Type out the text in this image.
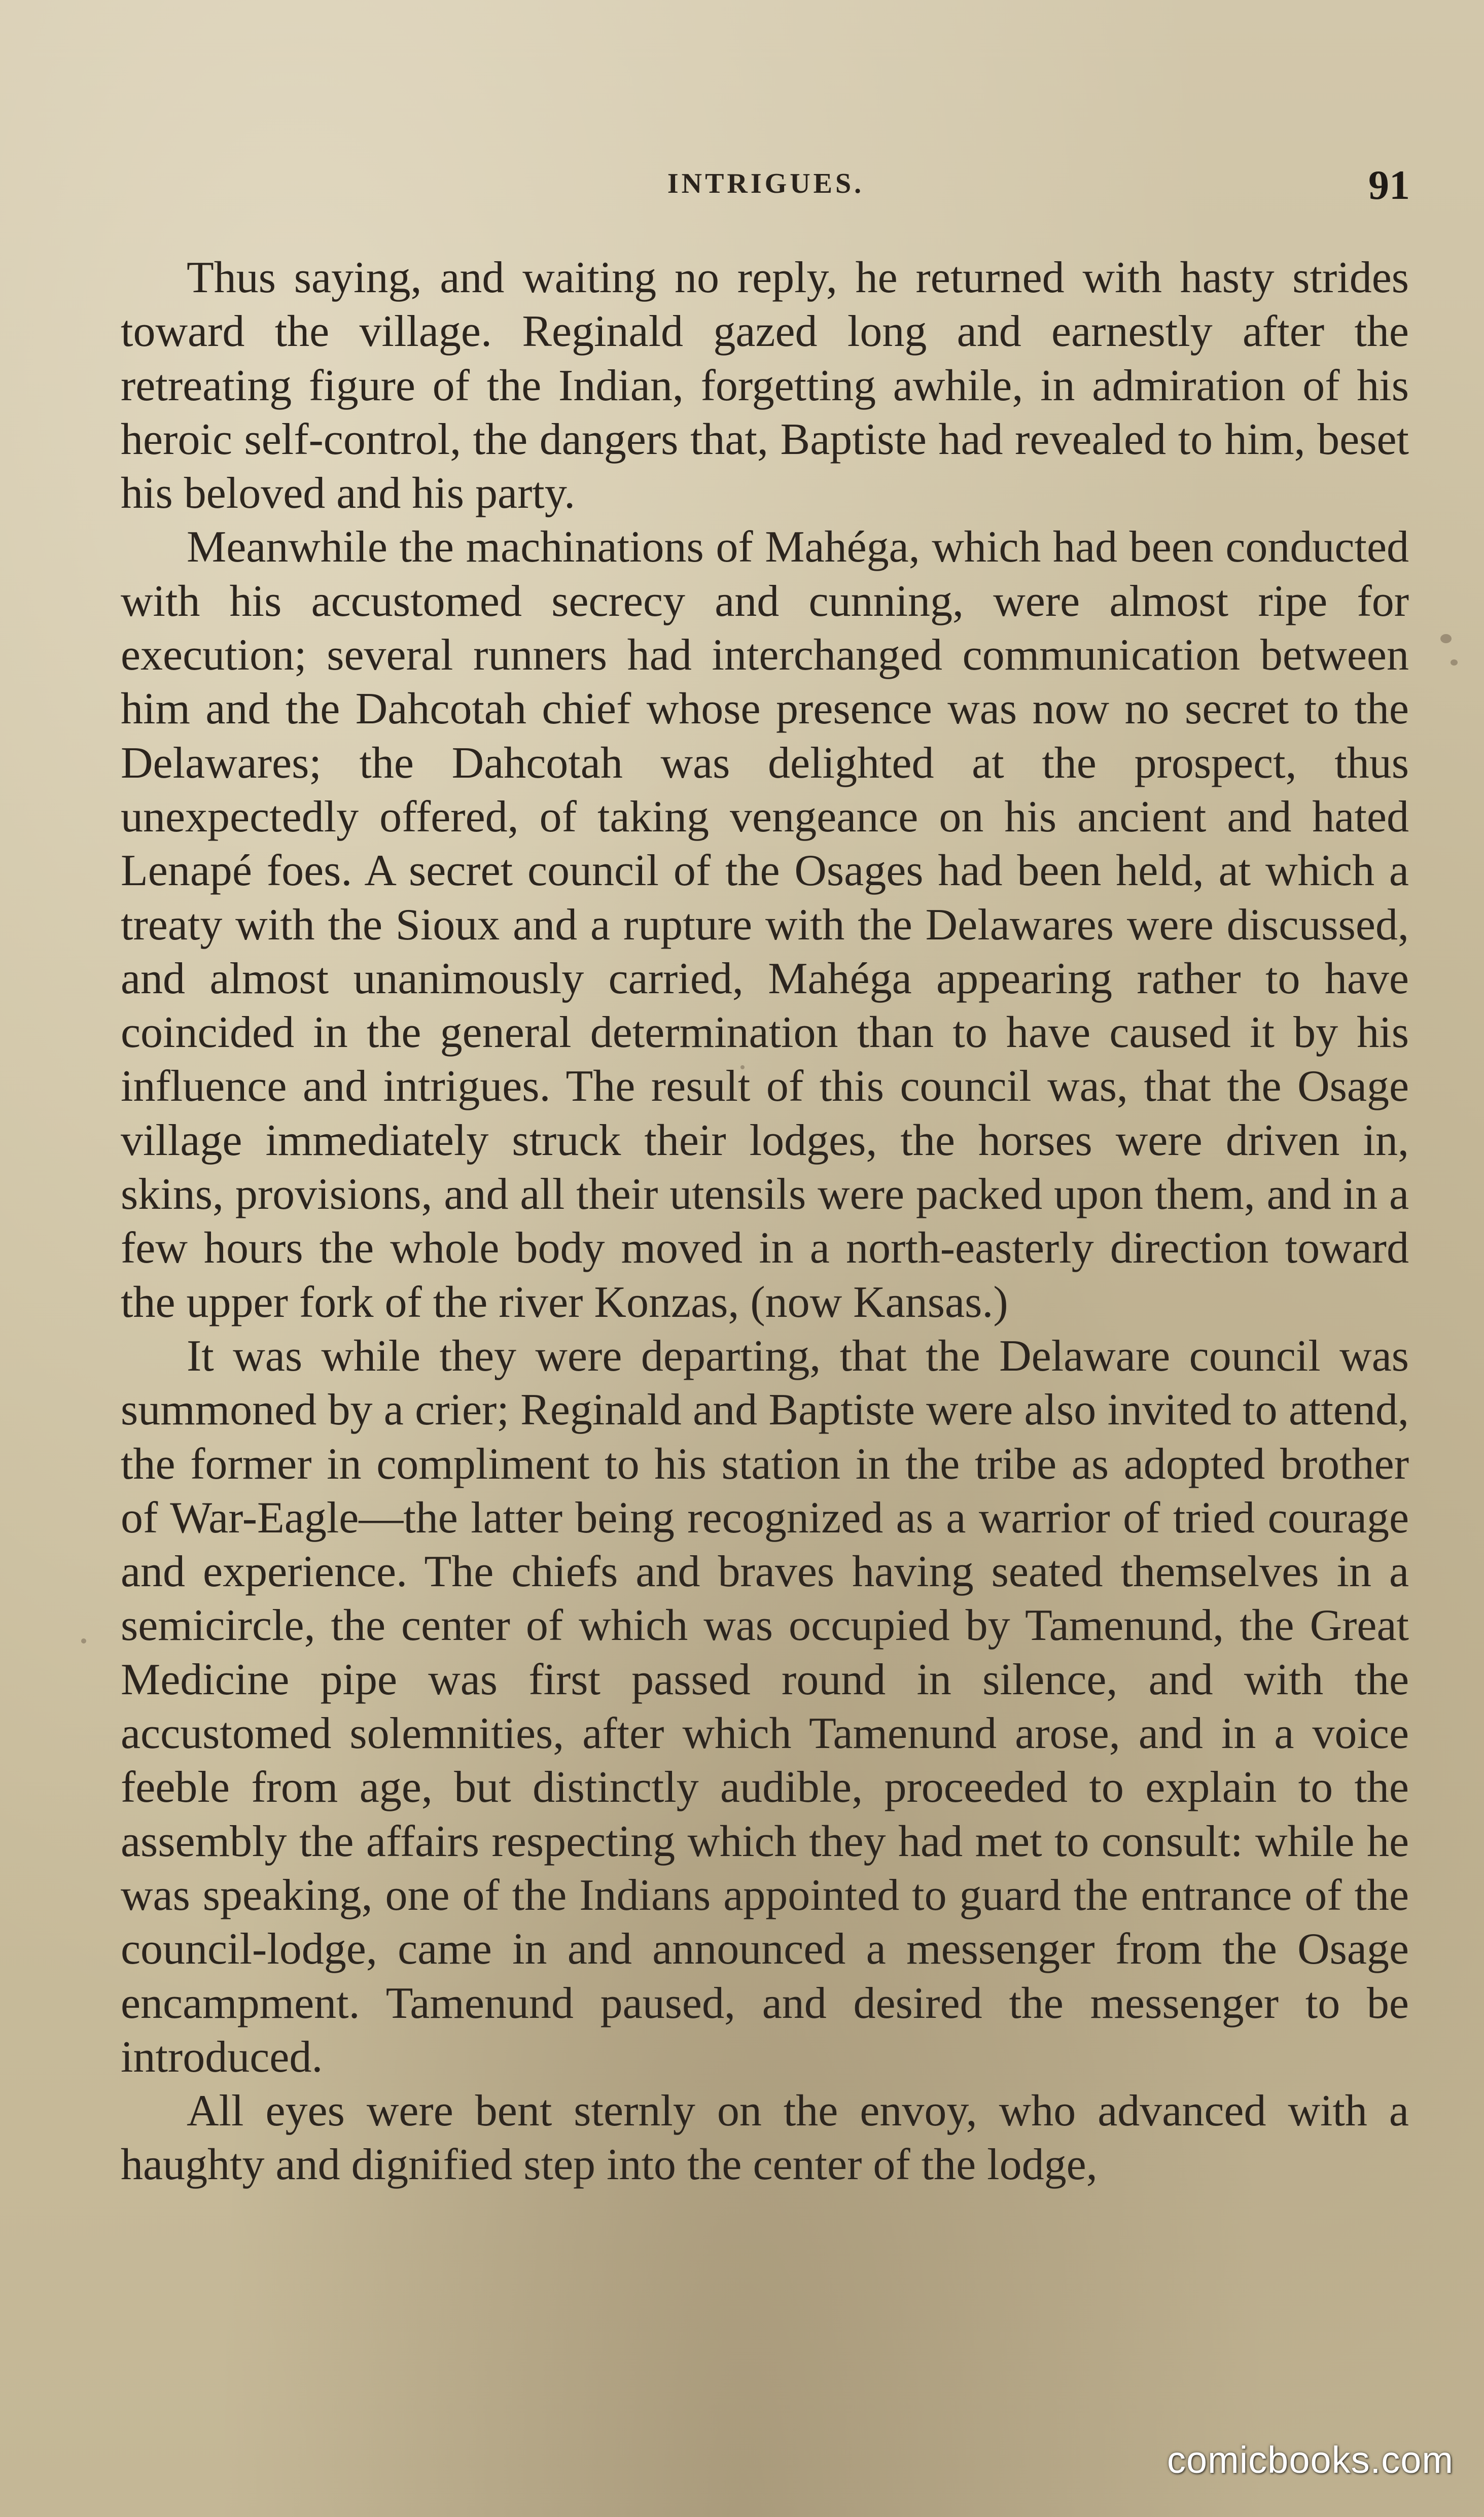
INTRIGUES.	91

Thus saying, and waiting no reply, he returned with hasty strides toward the village. Reginald gazed long and earnestly after the retreating figure of the Indian, forgetting awhile, in admiration of his heroic self-control, the dangers that, Baptiste had revealed to him, beset his beloved and his party.

Meanwhile the machinations of Mahéga, which had been conducted with his accustomed secrecy and cunning, were almost ripe for execution; several runners had interchanged communication between him and the Dahcotah chief whose presence was now no secret to the Delawares; the Dahcotah was delighted at the prospect, thus unexpectedly offered, of taking vengeance on his ancient and hated Lenapé foes. A secret council of the Osages had been held, at which a treaty with the Sioux and a rupture with the Delawares were discussed, and almost unanimously carried, Mahéga appearing rather to have coincided in the general determination than to have caused it by his influence and intrigues. The result of this council was, that the Osage village immediately struck their lodges, the horses were driven in, skins, provisions, and all their utensils were packed upon them, and in a few hours the whole body moved in a north-easterly direction toward the upper fork of the river Konzas, (now Kansas.)

It was while they were departing, that the Delaware council was summoned by a crier; Reginald and Baptiste were also invited to attend, the former in compliment to his station in the tribe as adopted brother of War-Eagle—the latter being recognized as a warrior of tried courage and experience. The chiefs and braves having seated themselves in a semicircle, the center of which was occupied by Tamenund, the Great Medicine pipe was first passed round in silence, and with the accustomed solemnities, after which Tamenund arose, and in a voice feeble from age, but distinctly audible, proceeded to explain to the assembly the affairs respecting which they had met to consult: while he was speaking, one of the Indians appointed to guard the entrance of the council-lodge, came in and announced a messenger from the Osage encampment. Tamenund paused, and desired the messenger to be introduced.

All eyes were bent sternly on the envoy, who advanced with a haughty and dignified step into the center of the lodge,

comicbooks.com
